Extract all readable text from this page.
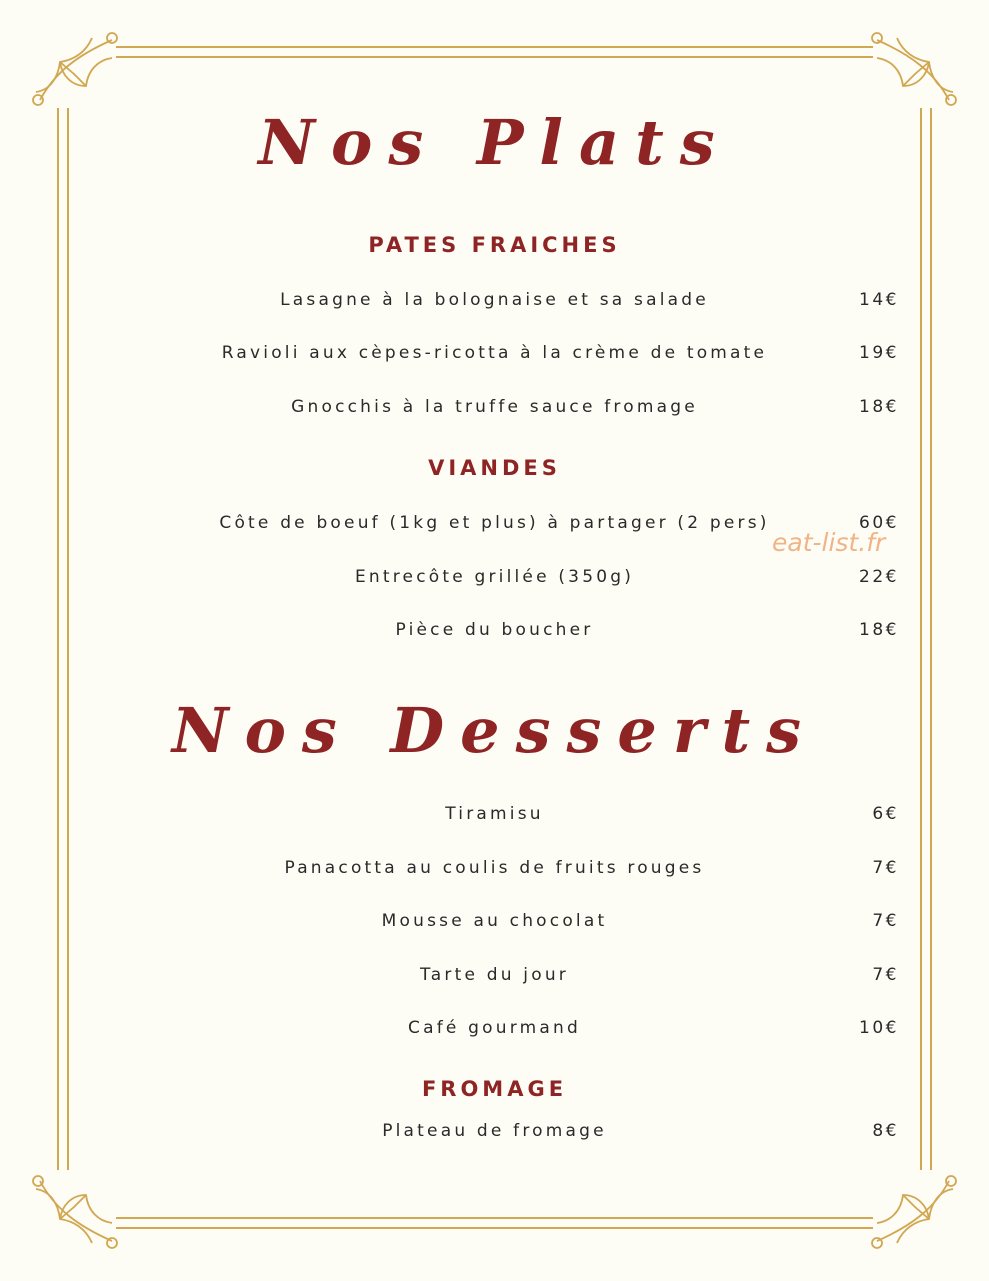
Nos Plats
PATES FRAICHES
Lasagne à la bolognaise et sa salade	14€
Ravioli aux cèpes-ricotta à la crème de tomate	19€
Gnocchis à la truffe sauce fromage	18€
VIANDES
Côte de boeuf (1kg et plus) à partager (2 pers)	60€
Entrecôte grillée (350g)	22€
Pièce du boucher	18€
eat-list.fr
Nos Desserts
Tiramisu	6€
Panacotta au coulis de fruits rouges	7€
Mousse au chocolat	7€
Tarte du jour	7€
Café gourmand	10€
FROMAGE
Plateau de fromage	8€
